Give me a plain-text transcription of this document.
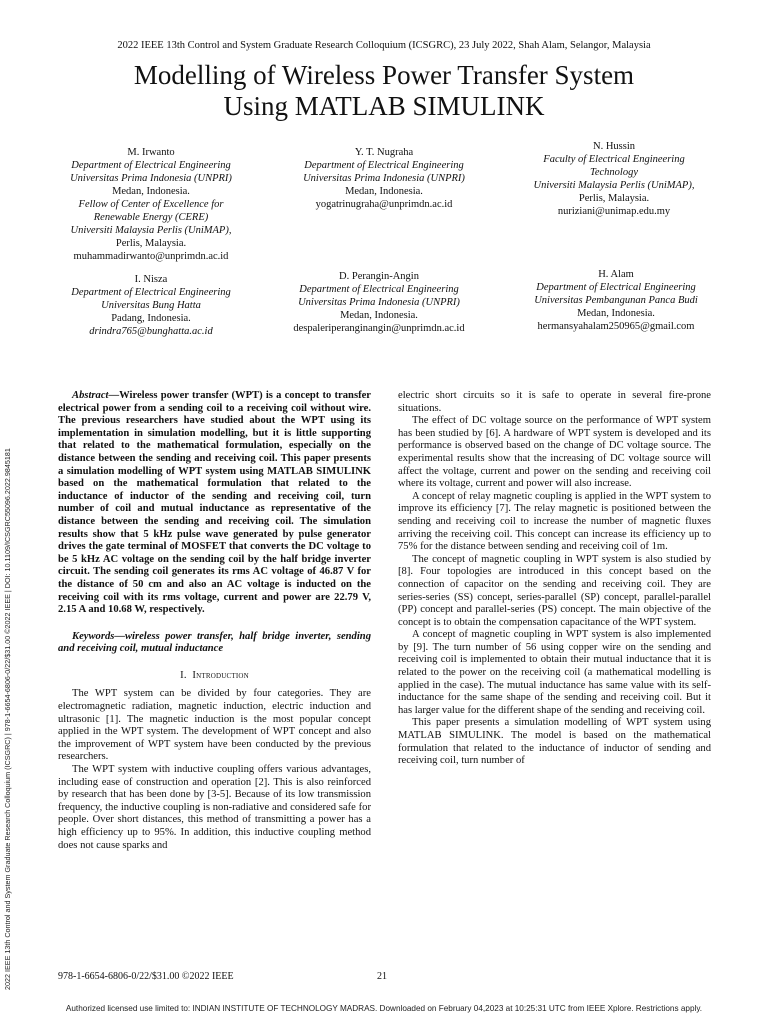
2022 IEEE 13th Control and System Graduate Research Colloquium (ICSGRC), 23 July 2022, Shah Alam, Selangor, Malaysia
Modelling of Wireless Power Transfer System
Using MATLAB SIMULINK
M. Irwanto
Department of Electrical Engineering
Universitas Prima Indonesia (UNPRI)
Medan, Indonesia.
Fellow of Center of Excellence for
Renewable Energy (CERE)
Universiti Malaysia Perlis (UniMAP),
Perlis, Malaysia.
muhammadirwanto@unprimdn.ac.id
Y. T. Nugraha
Department of Electrical Engineering
Universitas Prima Indonesia (UNPRI)
Medan, Indonesia.
yogatrinugraha@unprimdn.ac.id
N. Hussin
Faculty of Electrical Engineering
Technology
Universiti Malaysia Perlis (UniMAP),
Perlis, Malaysia.
nuriziani@unimap.edu.my
I. Nisza
Department of Electrical Engineering
Universitas Bung Hatta
Padang, Indonesia.
drindra765@bunghatta.ac.id
D. Perangin-Angin
Department of Electrical Engineering
Universitas Prima Indonesia (UNPRI)
Medan, Indonesia.
despaleriperanginangin@unprimdn.ac.id
H. Alam
Department of Electrical Engineering
Universitas Pembangunan Panca Budi
Medan, Indonesia.
hermansyahalam250965@gmail.com
2022 IEEE 13th Control and System Graduate Research Colloquium (ICSGRC) | 978-1-6654-6806-0/22/$31.00 ©2022 IEEE | DOI: 10.1109/ICSGRC55096.2022.9845181

Abstract—Wireless power transfer (WPT) is a concept to transfer electrical power from a sending coil to a receiving coil without wire. The previous researchers have studied about the WPT using its implementation in simulation modelling, but it is little supporting that related to the mathematical formulation, especially on the distance between the sending and receiving coil. This paper presents a simulation modelling of WPT system using MATLAB SIMULINK based on the mathematical formulation that related to the inductance of inductor of the sending and receiving coil, turn number of coil and mutual inductance as representative of the distance between the sending and receiving coil. The simulation results show that 5 kHz pulse wave generated by pulse generator drives the gate terminal of MOSFET that converts the DC voltage to be 5 kHz AC voltage on the sending coil by the half bridge inverter circuit. The sending coil generates its rms AC voltage of 46.87 V for the distance of 50 cm and also an AC voltage is inducted on the receiving coil with its rms voltage, current and power are 22.79 V, 2.15 A and 10.68 W, respectively.

Keywords—wireless power transfer, half bridge inverter, sending and receiving coil, mutual inductance

I. Introduction

The WPT system can be divided by four categories. They are electromagnetic radiation, magnetic induction, electric induction and ultrasonic [1]. The magnetic induction is the most popular concept applied in the WPT system. The development of WPT concept and also the improvement of WPT system have been conducted by the previous researchers.

The WPT system with inductive coupling offers various advantages, including ease of construction and operation [2]. This is also reinforced by research that has been done by [3-5]. Because of its low transmission frequency, the inductive coupling is non-radiative and considered safe for people. Over short distances, this method of transmitting a power has a high efficiency up to 95%. In addition, this inductive coupling method does not cause sparks and

electric short circuits so it is safe to operate in several fire-prone situations.

The effect of DC voltage source on the performance of WPT system has been studied by [6]. A hardware of WPT system is developed and its performance is observed based on the change of DC voltage source. The experimental results show that the increasing of DC voltage source will affect the voltage, current and power on the sending and receiving coil where its voltage, current and power will also increase.

A concept of relay magnetic coupling is applied in the WPT system to improve its efficiency [7]. The relay magnetic is positioned between the sending and receiving coil to increase the number of magnetic fluxes arriving the receiving coil. This concept can increase its efficiency up to 75% for the distance between sending and receiving coil of 1m.

The concept of magnetic coupling in WPT system is also studied by [8]. Four topologies are introduced in this concept based on the connection of capacitor on the sending and receiving coil. They are series-series (SS) concept, series-parallel (SP) concept, parallel-parallel (PP) concept and parallel-series (PS) concept. The main objective of the concept is to obtain the compensation capacitance of the WPT system.

A concept of magnetic coupling in WPT system is also implemented by [9]. The turn number of 56 using copper wire on the sending and receiving coil is implemented to obtain their mutual inductance that it is related to the power on the receiving coil (a mathematical modelling is applied in the case). The mutual inductance has same value with its self-inductance for the same shape of the sending and receiving coil. But it has larger value for the different shape of the sending and receiving coil.

This paper presents a simulation modelling of WPT system using MATLAB SIMULINK. The model is based on the mathematical formulation that related to the inductance of inductor of sending and receiving coil, turn number of

978-1-6654-6806-0/22/$31.00 ©2022 IEEE	21
Authorized licensed use limited to: INDIAN INSTITUTE OF TECHNOLOGY MADRAS. Downloaded on February 04,2023 at 10:25:31 UTC from IEEE Xplore. Restrictions apply.
